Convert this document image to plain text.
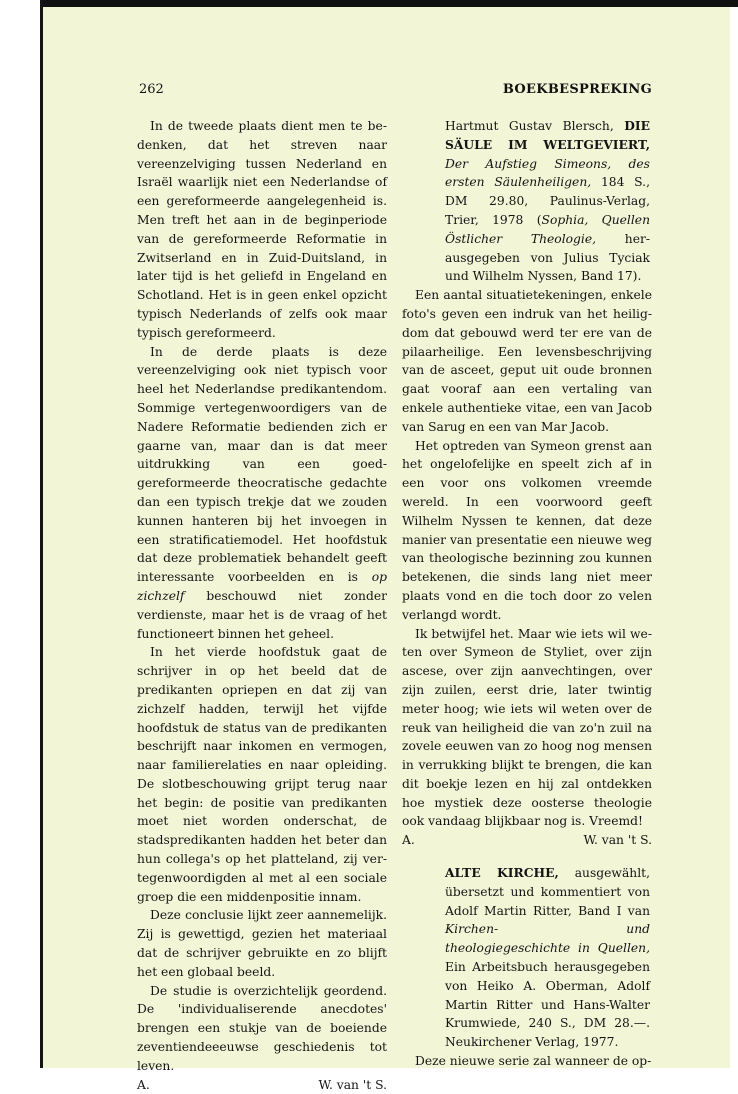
262	BOEKBESPREKING

In de tweede plaats dient men te bedenken, dat het streven naar vereenzelviging tussen Nederland en Israël waarlijk niet een Nederlandse of een gereformeerde aangelegenheid is. Men treft het aan in de beginperiode van de gereformeerde Reformatie in Zwitserland en in Zuid-Duitsland, in later tijd is het geliefd in Engeland en Schotland. Het is in geen enkel opzicht typisch Nederlands of zelfs ook maar typisch gereformeerd.

In de derde plaats is deze vereenzelviging ook niet typisch voor heel het Nederlandse predikantendom. Sommige vertegenwoordigers van de Nadere Reformatie bedienden zich er gaarne van, maar dan is dat meer uitdrukking van een goed-gereformeerde theocratische gedachte dan een typisch trekje dat we zouden kunnen hanteren bij het invoegen in een stratificatiemodel. Het hoofdstuk dat deze problematiek behandelt geeft interessante voorbeelden en is op zichzelf beschouwd niet zonder verdienste, maar het is de vraag of het functioneert binnen het geheel.

In het vierde hoofdstuk gaat de schrijver in op het beeld dat de predikanten opriepen en dat zij van zichzelf hadden, terwijl het vijfde hoofdstuk de status van de predikanten beschrijft naar inkomen en vermogen, naar familierelaties en naar opleiding. De slotbeschouwing grijpt terug naar het begin: de positie van predikanten moet niet worden onderschat, de stadspredikanten hadden het beter dan hun collega's op het platteland, zij vertegenwoordigden al met al een sociale groep die een middenpositie innam.

Deze conclusie lijkt zeer aannemelijk. Zij is gewettigd, gezien het materiaal dat de schrijver gebruikte en zo blijft het een globaal beeld.

De studie is overzichtelijk geordend. De 'individualiserende anecdotes' brengen een stukje van de boeiende zeventiendeeeuwse geschiedenis tot leven.

A.	W. van 't S.

Hartmut Gustav Blersch, DIE SÄULE IM WELTGEVIERT, Der Aufstieg Simeons, des ersten Säulenheiligen, 184 S., DM 29.80, Paulinus-Verlag, Trier, 1978 (Sophia, Quellen Östlicher Theologie, herausgegeben von Julius Tyciak und Wilhelm Nyssen, Band 17).

Een aantal situatietekeningen, enkele foto's geven een indruk van het heiligdom dat gebouwd werd ter ere van de pilaarheilige. Een levensbeschrijving van de asceet, geput uit oude bronnen gaat vooraf aan een vertaling van enkele authentieke vitae, een van Jacob van Sarug en een van Mar Jacob.

Het optreden van Symeon grenst aan het ongelofelijke en speelt zich af in een voor ons volkomen vreemde wereld. In een voorwoord geeft Wilhelm Nyssen te kennen, dat deze manier van presentatie een nieuwe weg van theologische bezinning zou kunnen betekenen, die sinds lang niet meer plaats vond en die toch door zo velen verlangd wordt.

Ik betwijfel het. Maar wie iets wil weten over Symeon de Styliet, over zijn ascese, over zijn aanvechtingen, over zijn zuilen, eerst drie, later twintig meter hoog; wie iets wil weten over de reuk van heiligheid die van zo'n zuil na zovele eeuwen van zo hoog nog mensen in verrukking blijkt te brengen, die kan dit boekje lezen en hij zal ontdekken hoe mystiek deze oosterse theologie ook vandaag blijkbaar nog is. Vreemd!

A.	W. van 't S.

ALTE KIRCHE, ausgewählt, übersetzt und kommentiert von Adolf Martin Ritter, Band I van Kirchen- und theologiegeschichte in Quellen, Ein Arbeitsbuch herausgegeben von Heiko A. Oberman, Adolf Martin Ritter und Hans-Walter Krumwiede, 240 S., DM 28.—. Neukirchener Verlag, 1977.

Deze nieuwe serie zal wanneer de op-
